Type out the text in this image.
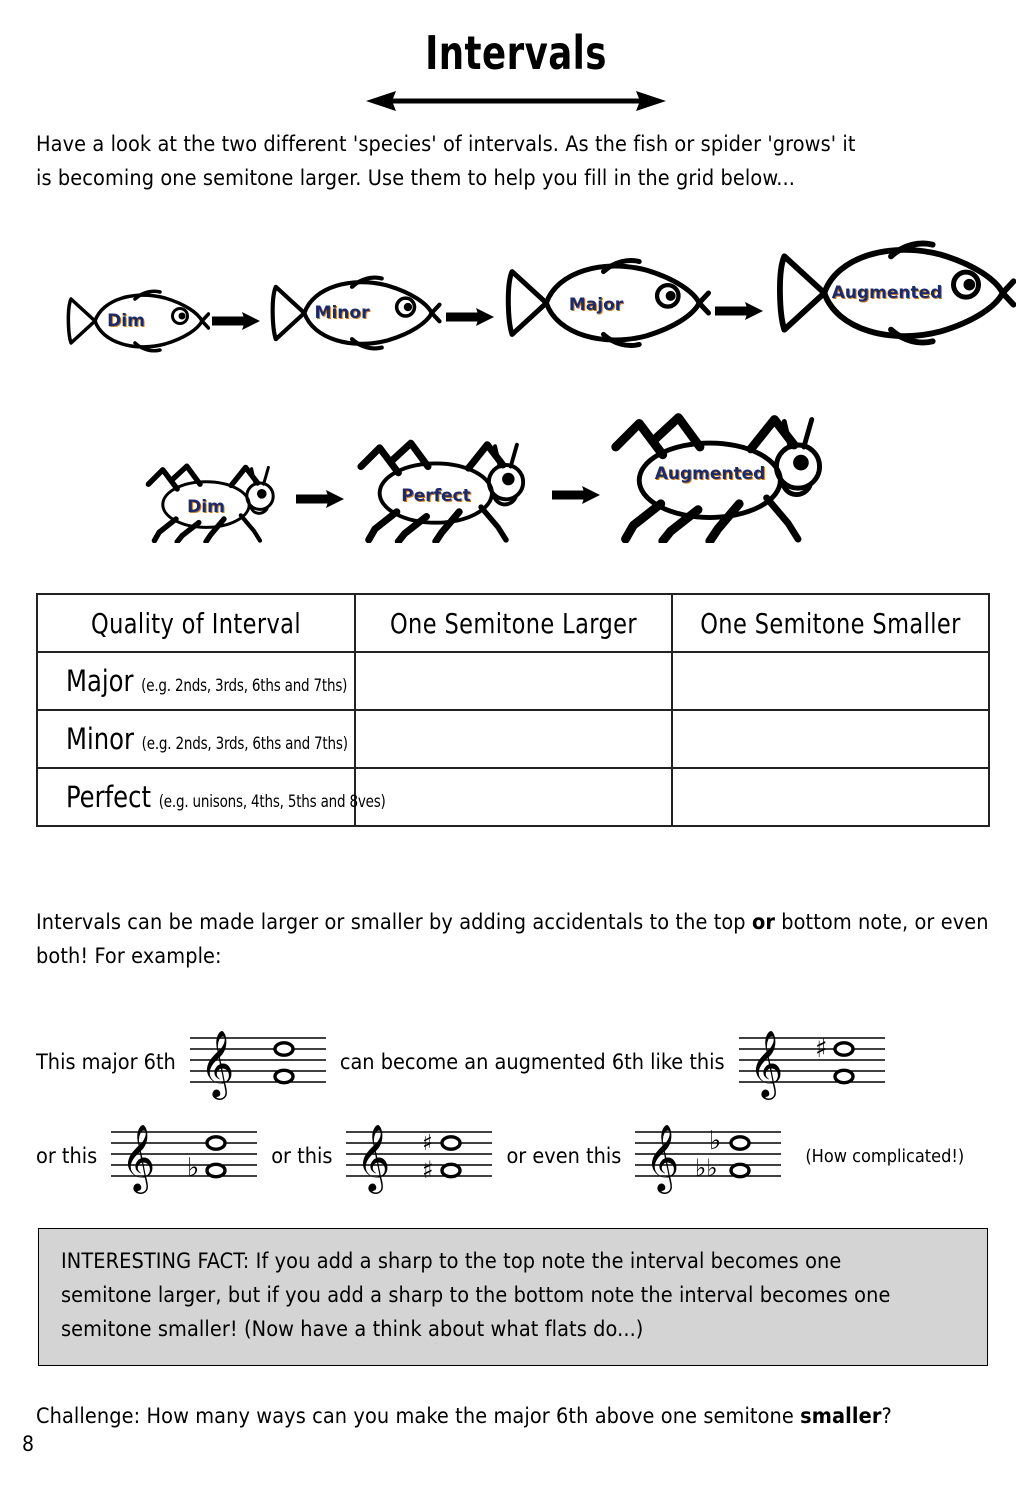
Intervals
Have a look at the two different 'species' of intervals. As the fish or spider 'grows' it
is becoming one semitone larger. Use them to help you fill in the grid below...
Dim	Minor	Major
Augmented
Dim
Perfect
Augmented
Quality of Interval	One Semitone Larger	One Semitone Smaller
Major (e.g. 2nds, 3rds, 6ths and 7ths)		
Minor (e.g. 2nds, 3rds, 6ths and 7ths)		
Perfect (e.g. unisons, 4ths, 5ths and 8ves)		
Intervals can be made larger or smaller by adding accidentals to the top or bottom note, or even both! For example:
This major 6th 𝄞	can become an augmented 6th like this 𝄞 ♯
or this 𝄞 ♭	or this 𝄞 ♯
♯	or even this 𝄞 ♭
♭♭	(How complicated!)
INTERESTING FACT: If you add a sharp to the top note the interval becomes one
semitone larger, but if you add a sharp to the bottom note the interval becomes one
semitone smaller! (Now have a think about what flats do...)
Challenge: How many ways can you make the major 6th above one semitone smaller?
8
